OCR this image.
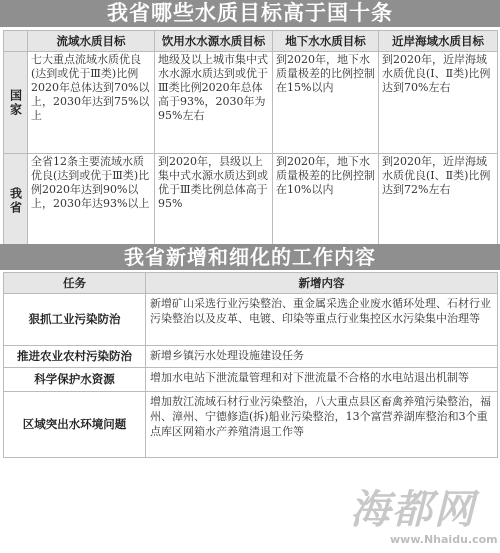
我省哪些水质目标高于国十条
	流域水质目标	饮用水水源水质目标	地下水水质目标	近岸海域水质目标
国家	七大重点流域水质优良(达到或优于Ⅲ类)比例2020年总体达到70%以上，2030年达到75%以上	地级及以上城市集中式水水源水质达到或优于Ⅲ类比例2020年总体高于93%，2030年为95%左右	到2020年，地下水质量极差的比例控制在15%以内	到2020年，近岸海域水质优良(Ⅰ、Ⅱ类)比例达到70%左右
我省	全省12条主要流域水质优良(达到或优于Ⅲ类)比例2020年达到90%以上，2030年达93%以上	到2020年，县级以上集中式水源水质达到或优于Ⅲ类比例总体高于95%	到2020年，地下水质量极差的比例控制在10%以内	到2020年，近岸海域水质优良(Ⅰ、Ⅱ类)比例达到72%左右
我省新增和细化的工作内容
任务	新增内容
狠抓工业污染防治	新增矿山采选行业污染整治、重金属采选企业废水循环处理、石材行业污染整治以及皮革、电镀、印染等重点行业集控区水污染集中治理等
推进农业农村污染防治	新增乡镇污水处理设施建设任务
科学保护水资源	增加水电站下泄流量管理和对下泄流量不合格的水电站退出机制等
区域突出水环境问题	增加敖江流域石材行业污染整治，八大重点县区畜禽养殖污染整治，福州、漳州、宁德修造(拆)船业污染整治，13个富营养湖库整治和3个重点库区网箱水产养殖清退工作等
海都网
www.Nhaidu.com
